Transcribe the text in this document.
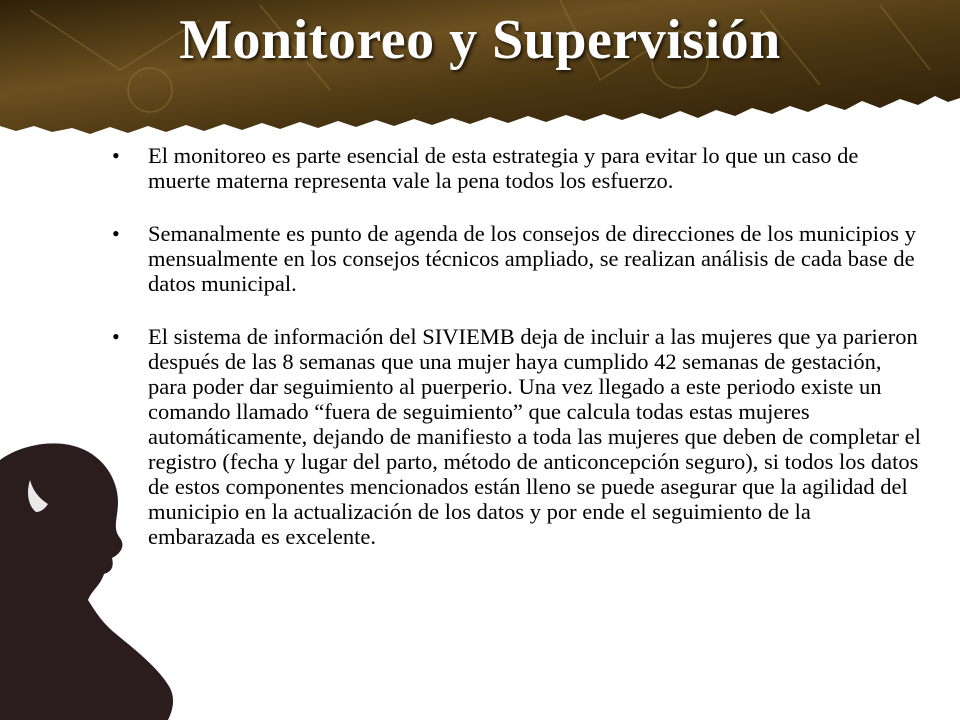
Monitoreo y Supervisión
• El monitoreo es parte esencial de esta estrategia y para evitar lo que un caso de muerte materna representa vale la pena todos los esfuerzo.
• Semanalmente es punto de agenda de los consejos de direcciones de los municipios y mensualmente en los consejos técnicos ampliado, se realizan análisis de cada base de datos municipal.
• El sistema de información del SIVIEMB deja de incluir a las mujeres que ya parieron después de las 8 semanas que una mujer haya cumplido 42 semanas de gestación, para poder dar seguimiento al puerperio. Una vez llegado a este periodo existe un comando llamado “fuera de seguimiento” que calcula todas estas mujeres automáticamente, dejando de manifiesto a toda las mujeres que deben de completar el registro (fecha y lugar del parto, método de anticoncepción seguro), si todos los datos de estos componentes mencionados están lleno se puede asegurar que la agilidad del municipio en la actualización de los datos y por ende el seguimiento de la embarazada es excelente.
